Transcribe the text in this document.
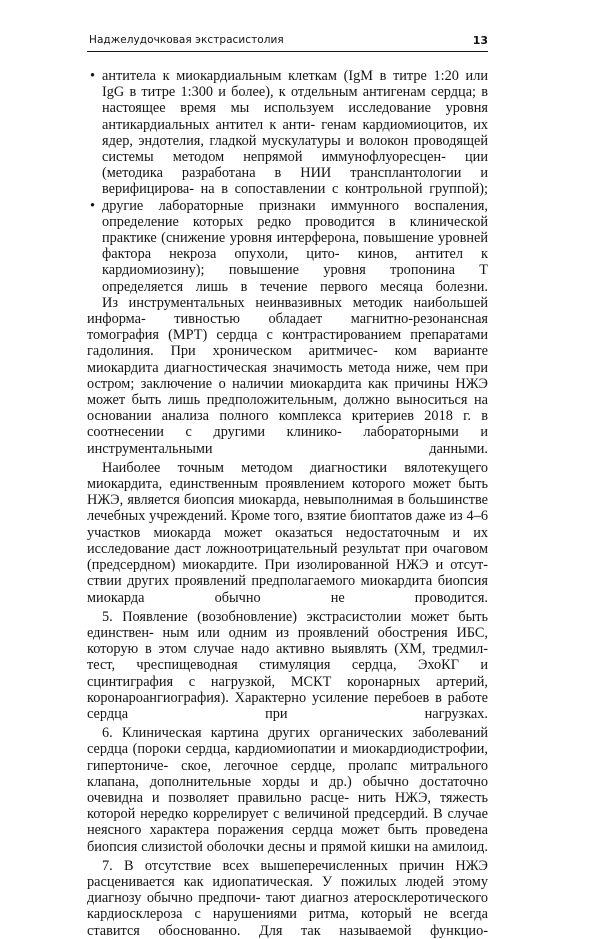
Наджелудочковая экстрасистолия	13
• антитела к миокардиальным клеткам (IgM в титре 1:20 или IgG в титре 1:300 и более), к отдельным антигенам сердца; в настоящее время мы используем исследование уровня антикардиальных антител к анти- генам кардиомиоцитов, их ядер, эндотелия, гладкой мускулатуры и волокон проводящей системы методом непрямой иммунофлуоресцен- ции (методика разработана в НИИ трансплантологии и верифицирова- на в сопоставлении с контрольной группой);

• другие лабораторные признаки иммунного воспаления, определение которых редко проводится в клинической практике (снижение уровня интерферона, повышение уровней фактора некроза опухоли, цито- кинов, антител к кардиомиозину); повышение уровня тропонина Т определяется лишь в течение первого месяца болезни.

Из инструментальных неинвазивных методик наибольшей информа- тивностью обладает магнитно-резонансная томография (МРТ) сердца с контрастированием препаратами гадолиния. При хроническом аритмичес- ком варианте миокардита диагностическая значимость метода ниже, чем при остром; заключение о наличии миокардита как причины НЖЭ может быть лишь предположительным, должно выноситься на основании анализа полного комплекса критериев 2018 г. в соотнесении с другими клинико- лабораторными и инструментальными данными.

Наиболее точным методом диагностики вялотекущего миокардита, единственным проявлением которого может быть НЖЭ, является биопсия миокарда, невыполнимая в большинстве лечебных учреждений. Кроме того, взятие биоптатов даже из 4–6 участков миокарда может оказаться недостаточным и их исследование даст ложноотрицательный результат при очаговом (предсердном) миокардите. При изолированной НЖЭ и отсут- ствии других проявлений предполагаемого миокардита биопсия миокарда	обычно не проводится.

5. Появление (возобновление) экстрасистолии может быть единствен- ным или одним из проявлений обострения ИБС, которую в этом случае надо активно выявлять (ХМ, тредмил-тест, чреспищеводная стимуляция сердца, ЭхоКГ и сцинтиграфия с нагрузкой, МСКТ коронарных артерий, коронароангиография). Характерно усиление перебоев в работе сердца при	нагрузках.

6. Клиническая картина других органических заболеваний сердца (пороки сердца, кардиомиопатии и миокардиодистрофии, гипертониче- ское, легочное сердце, пролапс митрального клапана, дополнительные хорды и др.) обычно достаточно очевидна и позволяет правильно расце- нить НЖЭ, тяжесть которой нередко коррелирует с величиной предсердий. В случае неясного характера поражения сердца может быть проведена биопсия слизистой оболочки десны и прямой кишки на амилоид.

7. В отсутствие всех вышеперечисленных причин НЖЭ расценивается как идиопатическая. У пожилых людей этому диагнозу обычно предпочи- тают диагноз атеросклеротического кардиосклероза с нарушениями ритма, который не всегда ставится обоснованно. Для так называемой функцио-
